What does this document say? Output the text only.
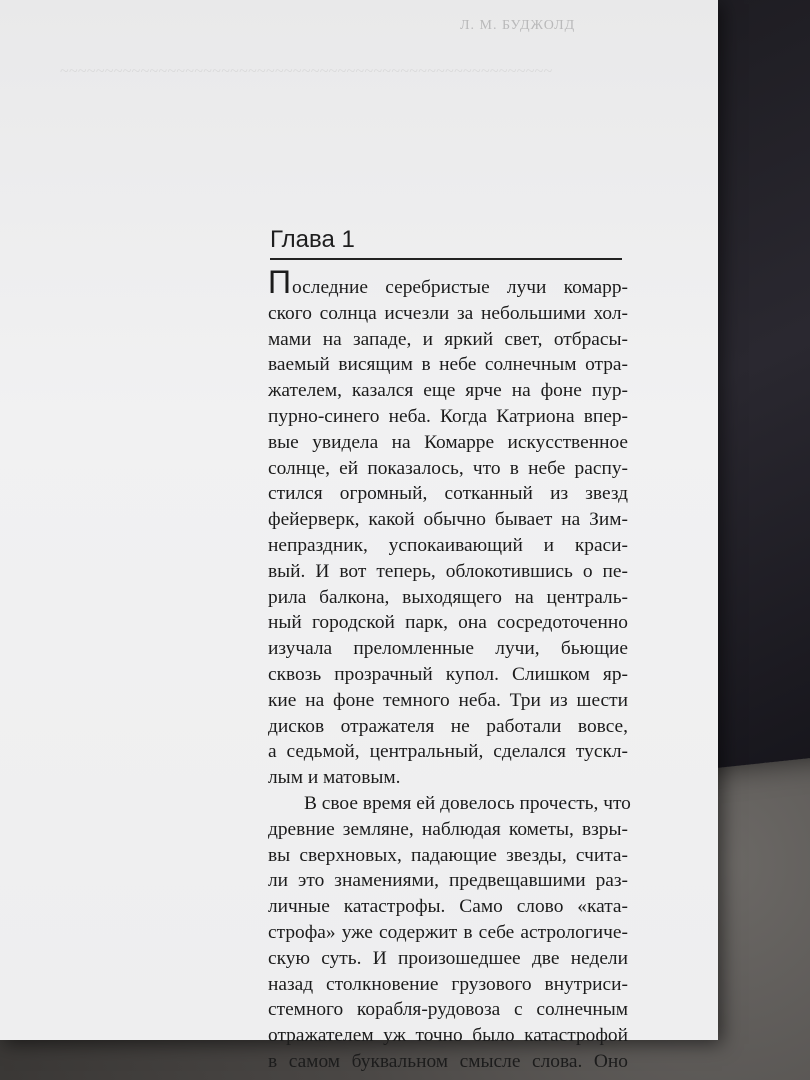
Л. М. БУДЖОЛД
~~~~~~~~~~~~~~~~~~~~~~~~~~~~~~~~~~~~~~~~~~~~~~~~~~~~~~~
Глава 1
Последние серебристые лучи комарр-
ского солнца исчезли за небольшими хол-
мами на западе, и яркий свет, отбрасы-
ваемый висящим в небе солнечным отра-
жателем, казался еще ярче на фоне пур-
пурно-синего неба. Когда Катриона впер-
вые увидела на Комарре искусственное
солнце, ей показалось, что в небе распу-
стился огромный, сотканный из звезд
фейерверк, какой обычно бывает на Зим-
непраздник, успокаивающий и краси-
вый. И вот теперь, облокотившись о пе-
рила балкона, выходящего на централь-
ный городской парк, она сосредоточенно
изучала преломленные лучи, бьющие
сквозь прозрачный купол. Слишком яр-
кие на фоне темного неба. Три из шести
дисков отражателя не работали вовсе,
а седьмой, центральный, сделался тускл-
лым и матовым.
В свое время ей довелось прочесть, что
древние земляне, наблюдая кометы, взры-
вы сверхновых, падающие звезды, счита-
ли это знамениями, предвещавшими раз-
личные катастрофы. Само слово «ката-
строфа» уже содержит в себе астрологиче-
скую суть. И произошедшее две недели
назад столкновение грузового внутриси-
стемного корабля-рудовоза с солнечным
отражателем уж точно было катастрофой
в самом буквальном смысле слова. Оно
